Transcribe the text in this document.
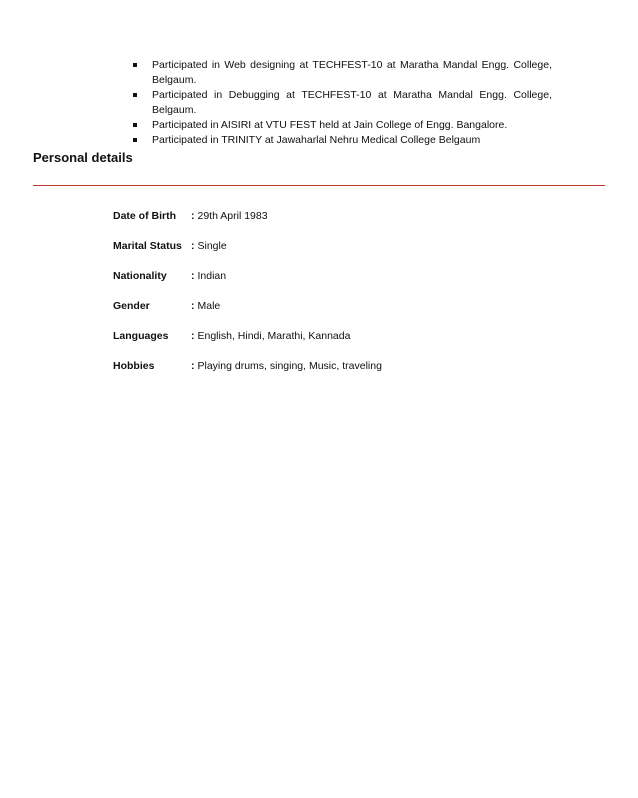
Participated in Web designing at TECHFEST-10 at Maratha Mandal Engg. College, Belgaum.
Participated in Debugging at TECHFEST-10 at Maratha Mandal Engg. College, Belgaum.
Participated in AISIRI at VTU FEST held at Jain College of Engg. Bangalore.
Participated in TRINITY at Jawaharlal Nehru Medical College Belgaum
Personal details
Date of Birth	: 29th April 1983
Marital Status : Single
Nationality	: Indian
Gender	: Male
Languages	: English, Hindi, Marathi, Kannada
Hobbies	: Playing drums, singing, Music, traveling
